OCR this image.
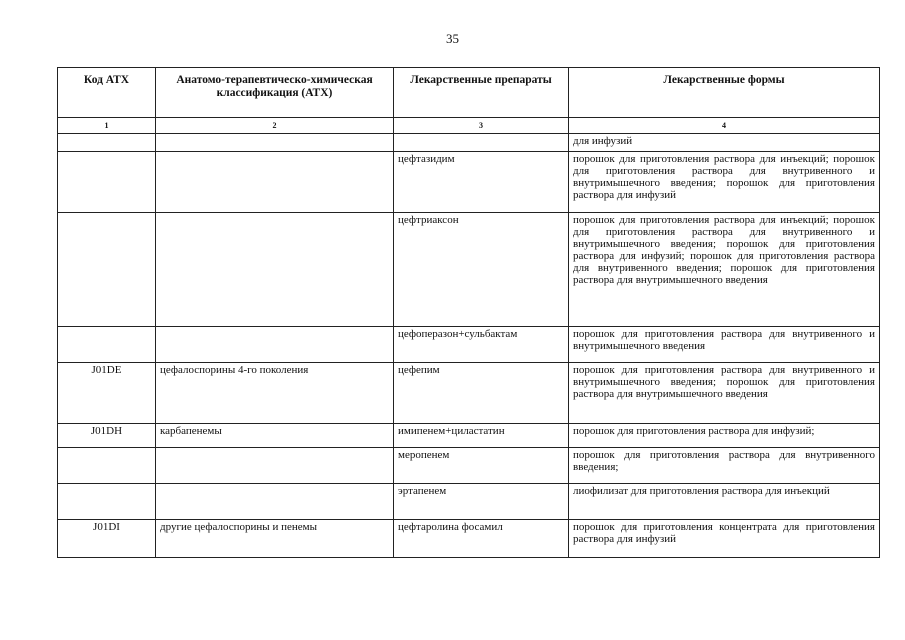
35
Код АТХ	Анатомо-терапевтическо-химическая классификация (АТХ)	Лекарственные препараты	Лекарственные формы
1	2	3	4
			для инфузий
		цефтазидим	порошок для приготовления раствора для инъекций; порошок для приготовления раствора для внутривенного и внутримышечного введения; порошок для приготовления раствора для инфузий
		цефтриаксон	порошок для приготовления раствора для инъекций; порошок для приготовления раствора для внутривенного и внутримышечного введения; порошок для приготовления раствора для инфузий; порошок для приготовления раствора для внутривенного введения; порошок для приготовления раствора для внутримышечного введения
		цефоперазон+сульбактам	порошок для приготовления раствора для внутривенного и внутримышечного введения
J01DE	цефалоспорины 4-го поколения	цефепим	порошок для приготовления раствора для внутривенного и внутримышечного введения; порошок для приготовления раствора для внутримышечного введения
J01DH	карбапенемы	имипенем+циластатин	порошок для приготовления раствора для инфузий;
		меропенем	порошок для приготовления раствора для внутривенного введения;
		эртапенем	лиофилизат для приготовления раствора для инъекций
J01DI	другие цефалоспорины и пенемы	цефтаролина фосамил	порошок для приготовления концентрата для приготовления раствора для инфузий
